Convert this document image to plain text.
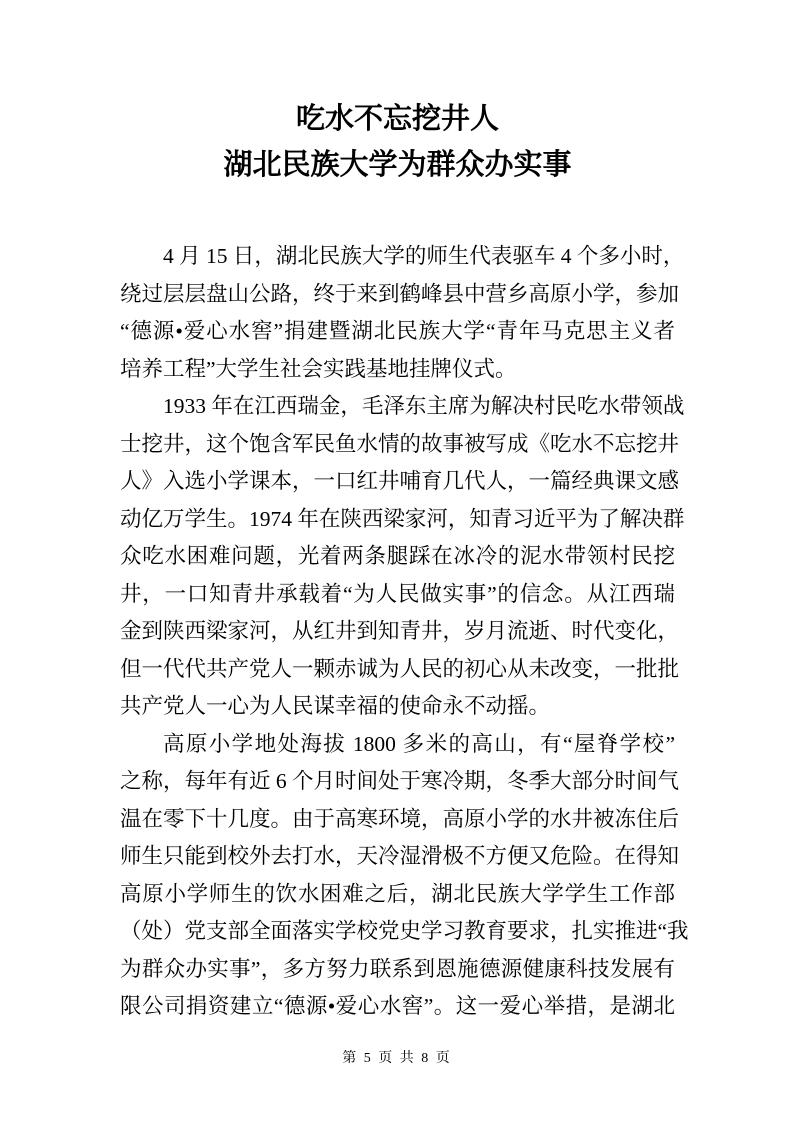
吃水不忘挖井人
湖北民族大学为群众办实事
4 月 15 日，湖北民族大学的师生代表驱车 4 个多小时，
绕过层层盘山公路，终于来到鹤峰县中营乡高原小学，参加
“德源•爱心水窖”捐建暨湖北民族大学“青年马克思主义者
培养工程”大学生社会实践基地挂牌仪式。
1933 年在江西瑞金，毛泽东主席为解决村民吃水带领战
士挖井，这个饱含军民鱼水情的故事被写成《吃水不忘挖井
人》入选小学课本，一口红井哺育几代人，一篇经典课文感
动亿万学生。1974 年在陕西梁家河，知青习近平为了解决群
众吃水困难问题，光着两条腿踩在冰冷的泥水带领村民挖
井，一口知青井承载着“为人民做实事”的信念。从江西瑞
金到陕西梁家河，从红井到知青井，岁月流逝、时代变化，
但一代代共产党人一颗赤诚为人民的初心从未改变，一批批
共产党人一心为人民谋幸福的使命永不动摇。
高原小学地处海拔 1800 多米的高山，有“屋脊学校”
之称，每年有近 6 个月时间处于寒冷期，冬季大部分时间气
温在零下十几度。由于高寒环境，高原小学的水井被冻住后
师生只能到校外去打水，天冷湿滑极不方便又危险。在得知
高原小学师生的饮水困难之后，湖北民族大学学生工作部
（处）党支部全面落实学校党史学习教育要求，扎实推进“我
为群众办实事”，多方努力联系到恩施德源健康科技发展有
限公司捐资建立“德源•爱心水窖”。这一爱心举措，是湖北
第 5 页 共 8 页
